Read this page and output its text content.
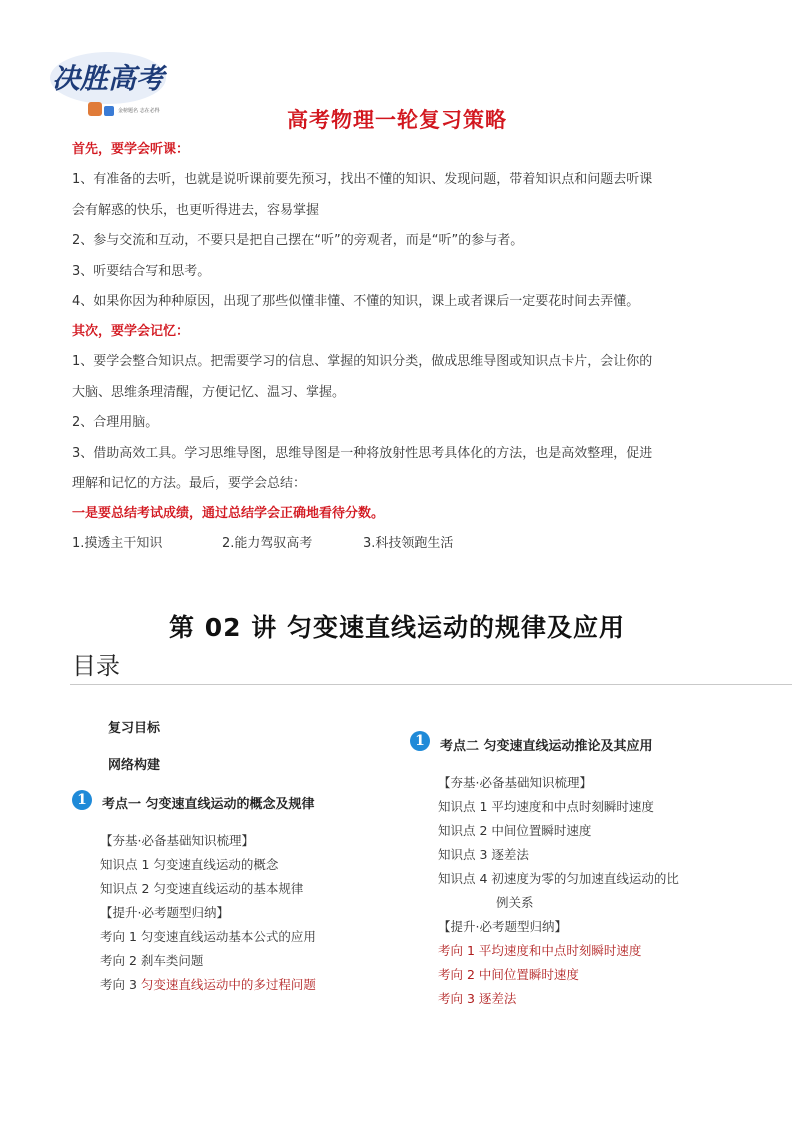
决胜高考
金榜题名 志在必得	高考物理一轮复习策略
首先，要学会听课：
1、有准备的去听，也就是说听课前要先预习，找出不懂的知识、发现问题，带着知识点和问题去听课
会有解惑的快乐，也更听得进去，容易掌握
2、参与交流和互动，不要只是把自己摆在“听”的旁观者，而是“听”的参与者。
3、听要结合写和思考。
4、如果你因为种种原因，出现了那些似懂非懂、不懂的知识，课上或者课后一定要花时间去弄懂。
其次，要学会记忆：
1、要学会整合知识点。把需要学习的信息、掌握的知识分类，做成思维导图或知识点卡片，会让你的
大脑、思维条理清醒，方便记忆、温习、掌握。
2、合理用脑。
3、借助高效工具。学习思维导图，思维导图是一种将放射性思考具体化的方法，也是高效整理，促进
理解和记忆的方法。最后，要学会总结：
一是要总结考试成绩，通过总结学会正确地看待分数。
1.摸透主干知识	2.能力驾驭高考	3.科技领跑生活
第 02 讲 匀变速直线运动的规律及应用
目录
复习目标
网络构建
1	考点一 匀变速直线运动的概念及规律
【夯基·必备基础知识梳理】
知识点 1 匀变速直线运动的概念
知识点 2 匀变速直线运动的基本规律
【提升·必考题型归纳】
考向 1 匀变速直线运动基本公式的应用
考向 2 刹车类问题
考向 3 匀变速直线运动中的多过程问题
1	考点二 匀变速直线运动推论及其应用
【夯基·必备基础知识梳理】
知识点 1 平均速度和中点时刻瞬时速度
知识点 2 中间位置瞬时速度
知识点 3 逐差法
知识点 4 初速度为零的匀加速直线运动的比
例关系
【提升·必考题型归纳】
考向 1 平均速度和中点时刻瞬时速度
考向 2 中间位置瞬时速度
考向 3 逐差法
